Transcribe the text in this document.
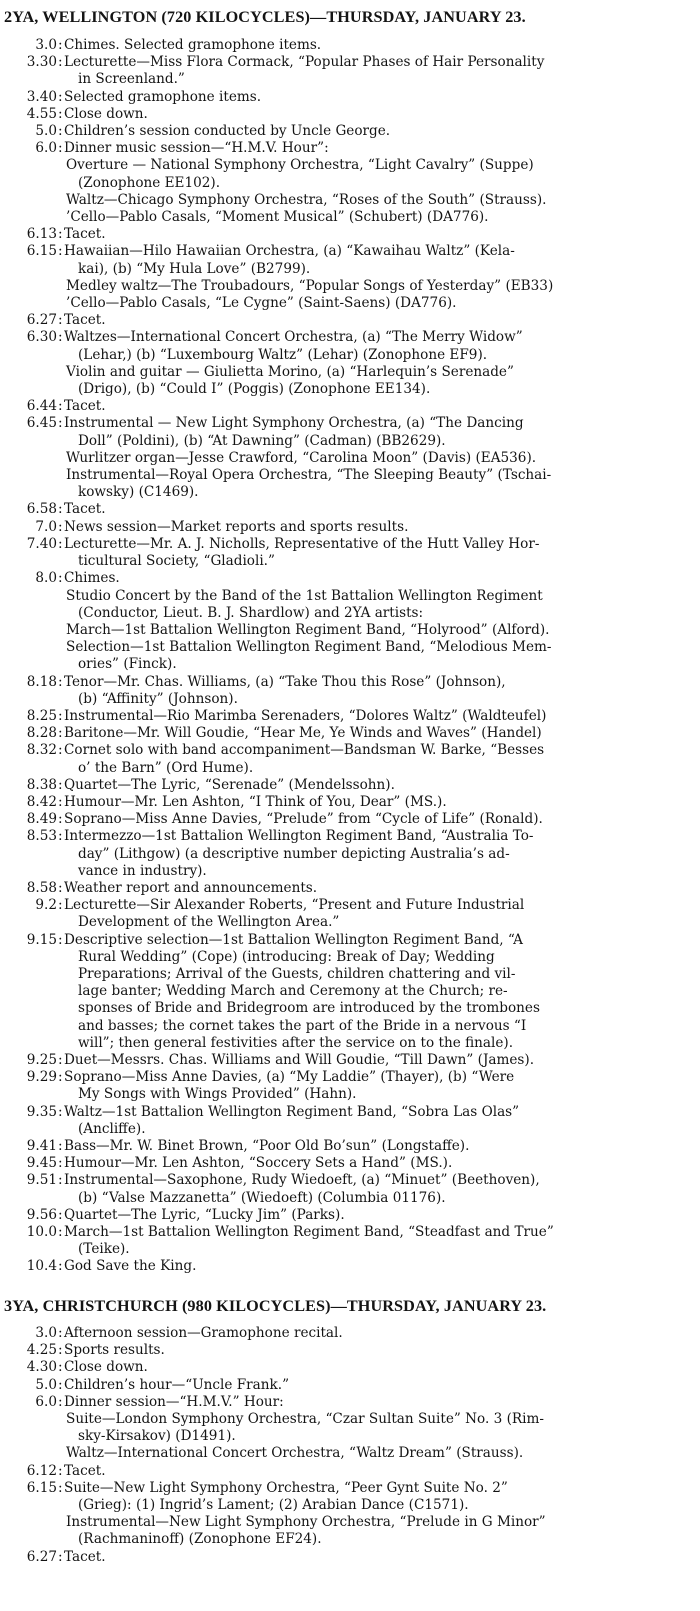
2YA, WELLINGTON (720 KILOCYCLES)—THURSDAY, JANUARY 23.
3.0 : Chimes. Selected gramophone items.
3.30 : Lecturette—Miss Flora Cormack, “Popular Phases of Hair Personality
in Screenland.”
3.40 : Selected gramophone items.
4.55 : Close down.
5.0 : Children’s session conducted by Uncle George.
6.0 : Dinner music session—“H.M.V. Hour”:
Overture — National Symphony Orchestra, “Light Cavalry” (Suppe)
(Zonophone EE102).
Waltz—Chicago Symphony Orchestra, “Roses of the South” (Strauss).
’Cello—Pablo Casals, “Moment Musical” (Schubert) (DA776).
6.13 : Tacet.
6.15 : Hawaiian—Hilo Hawaiian Orchestra, (a) “Kawaihau Waltz” (Kela-
kai), (b) “My Hula Love” (B2799).
Medley waltz—The Troubadours, “Popular Songs of Yesterday” (EB33)
’Cello—Pablo Casals, “Le Cygne” (Saint-Saens) (DA776).
6.27 : Tacet.
6.30 : Waltzes—International Concert Orchestra, (a) “The Merry Widow”
(Lehar,) (b) “Luxembourg Waltz” (Lehar) (Zonophone EF9).
Violin and guitar — Giulietta Morino, (a) “Harlequin’s Serenade”
(Drigo), (b) “Could I” (Poggis) (Zonophone EE134).
6.44 : Tacet.
6.45 : Instrumental — New Light Symphony Orchestra, (a) “The Dancing
Doll” (Poldini), (b) “At Dawning” (Cadman) (BB2629).
Wurlitzer organ—Jesse Crawford, “Carolina Moon” (Davis) (EA536).
Instrumental—Royal Opera Orchestra, “The Sleeping Beauty” (Tschai-
kowsky) (C1469).
6.58 : Tacet.
7.0 : News session—Market reports and sports results.
7.40 : Lecturette—Mr. A. J. Nicholls, Representative of the Hutt Valley Hor-
ticultural Society, “Gladioli.”
8.0 : Chimes.
Studio Concert by the Band of the 1st Battalion Wellington Regiment
(Conductor, Lieut. B. J. Shardlow) and 2YA artists:
March—1st Battalion Wellington Regiment Band, “Holyrood” (Alford).
Selection—1st Battalion Wellington Regiment Band, “Melodious Mem-
ories” (Finck).
8.18 : Tenor—Mr. Chas. Williams, (a) “Take Thou this Rose” (Johnson),
(b) “Affinity” (Johnson).
8.25 : Instrumental—Rio Marimba Serenaders, “Dolores Waltz” (Waldteufel)
8.28 : Baritone—Mr. Will Goudie, “Hear Me, Ye Winds and Waves” (Handel)
8.32 : Cornet solo with band accompaniment—Bandsman W. Barke, “Besses
o’ the Barn” (Ord Hume).
8.38 : Quartet—The Lyric, “Serenade” (Mendelssohn).
8.42 : Humour—Mr. Len Ashton, “I Think of You, Dear” (MS.).
8.49 : Soprano—Miss Anne Davies, “Prelude” from “Cycle of Life” (Ronald).
8.53 : Intermezzo—1st Battalion Wellington Regiment Band, “Australia To-
day” (Lithgow) (a descriptive number depicting Australia’s ad-
vance in industry).
8.58 : Weather report and announcements.
9.2 : Lecturette—Sir Alexander Roberts, “Present and Future Industrial
Development of the Wellington Area.”
9.15 : Descriptive selection—1st Battalion Wellington Regiment Band, “A
Rural Wedding” (Cope) (introducing: Break of Day; Wedding
Preparations; Arrival of the Guests, children chattering and vil-
lage banter; Wedding March and Ceremony at the Church; re-
sponses of Bride and Bridegroom are introduced by the trombones
and basses; the cornet takes the part of the Bride in a nervous “I
will”; then general festivities after the service on to the finale).
9.25 : Duet—Messrs. Chas. Williams and Will Goudie, “Till Dawn” (James).
9.29 : Soprano—Miss Anne Davies, (a) “My Laddie” (Thayer), (b) “Were
My Songs with Wings Provided” (Hahn).
9.35 : Waltz—1st Battalion Wellington Regiment Band, “Sobra Las Olas”
(Ancliffe).
9.41 : Bass—Mr. W. Binet Brown, “Poor Old Bo’sun” (Longstaffe).
9.45 : Humour—Mr. Len Ashton, “Soccery Sets a Hand” (MS.).
9.51 : Instrumental—Saxophone, Rudy Wiedoeft, (a) “Minuet” (Beethoven),
(b) “Valse Mazzanetta” (Wiedoeft) (Columbia 01176).
9.56 : Quartet—The Lyric, “Lucky Jim” (Parks).
10.0 : March—1st Battalion Wellington Regiment Band, “Steadfast and True”
(Teike).
10.4 : God Save the King.
3YA, CHRISTCHURCH (980 KILOCYCLES)—THURSDAY, JANUARY 23.
3.0 : Afternoon session—Gramophone recital.
4.25 : Sports results.
4.30 : Close down.
5.0 : Children’s hour—“Uncle Frank.”
6.0 : Dinner session—“H.M.V.” Hour:
Suite—London Symphony Orchestra, “Czar Sultan Suite” No. 3 (Rim-
sky-Kirsakov) (D1491).
Waltz—International Concert Orchestra, “Waltz Dream” (Strauss).
6.12 : Tacet.
6.15 : Suite—New Light Symphony Orchestra, “Peer Gynt Suite No. 2”
(Grieg): (1) Ingrid’s Lament; (2) Arabian Dance (C1571).
Instrumental—New Light Symphony Orchestra, “Prelude in G Minor”
(Rachmaninoff) (Zonophone EF24).
6.27 : Tacet.
